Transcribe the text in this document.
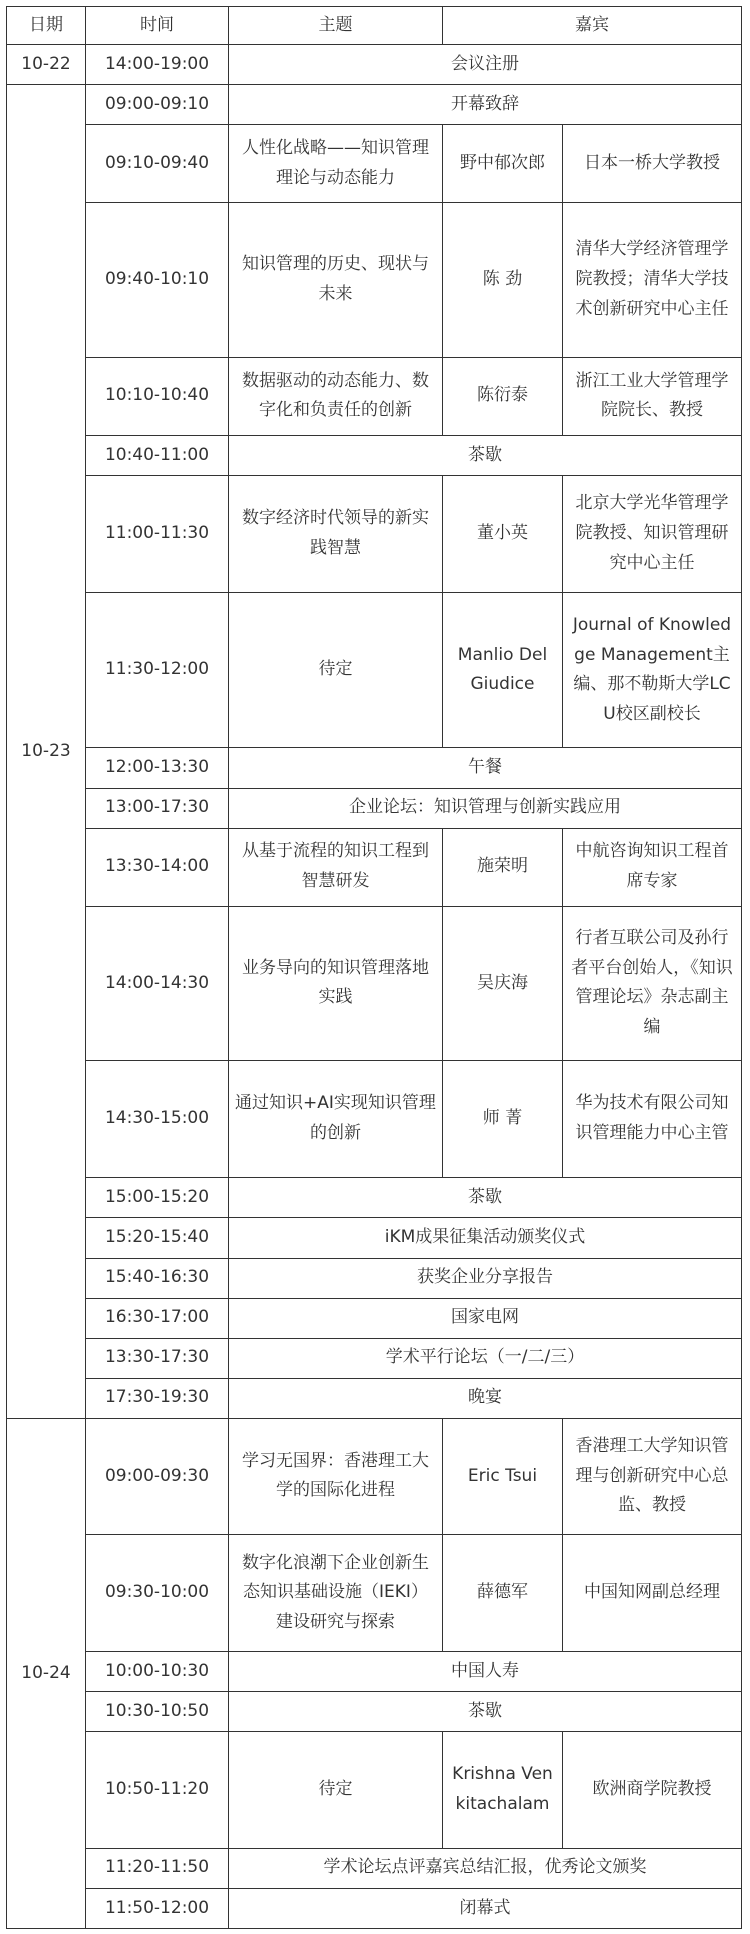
日期	时间	主题	嘉宾	
10-22	14:00-19:00	会议注册		
10-23	09:00-09:10	开幕致辞		
	09:10-09:40	人性化战略——知识管理理论与动态能力	野中郁次郎	日本一桥大学教授
	09:40-10:10	知识管理的历史、现状与未来	陈 劲	清华大学经济管理学院教授；清华大学技术创新研究中心主任
	10:10-10:40	数据驱动的动态能力、数字化和负责任的创新	陈衍泰	浙江工业大学管理学院院长、教授
	10:40-11:00	茶歇		
	11:00-11:30	数字经济时代领导的新实践智慧	董小英	北京大学光华管理学院教授、知识管理研究中心主任
	11:30-12:00	待定	Manlio Del Giudice	Journal of Knowledge Management主编、那不勒斯大学LCU校区副校长
	12:00-13:30	午餐		
	13:00-17:30	企业论坛：知识管理与创新实践应用		
	13:30-14:00	从基于流程的知识工程到智慧研发	施荣明	中航咨询知识工程首席专家
	14:00-14:30	业务导向的知识管理落地实践	吴庆海	行者互联公司及孙行者平台创始人，《知识管理论坛》杂志副主编
	14:30-15:00	通过知识+AI实现知识管理的创新	师 菁	华为技术有限公司知识管理能力中心主管
	15:00-15:20	茶歇		
	15:20-15:40	iKM成果征集活动颁奖仪式		
	15:40-16:30	获奖企业分享报告		
	16:30-17:00	国家电网		
	13:30-17:30	学术平行论坛（一/二/三）		
	17:30-19:30	晚宴		
10-24	09:00-09:30	学习无国界：香港理工大学的国际化进程	Eric Tsui	香港理工大学知识管理与创新研究中心总监、教授
	09:30-10:00	数字化浪潮下企业创新生态知识基础设施（IEKI）建设研究与探索	薛德军	中国知网副总经理
	10:00-10:30	中国人寿		
	10:30-10:50	茶歇		
	10:50-11:20	待定	Krishna Venkitachalam	欧洲商学院教授
	11:20-11:50	学术论坛点评嘉宾总结汇报，优秀论文颁奖		
	11:50-12:00	闭幕式		
